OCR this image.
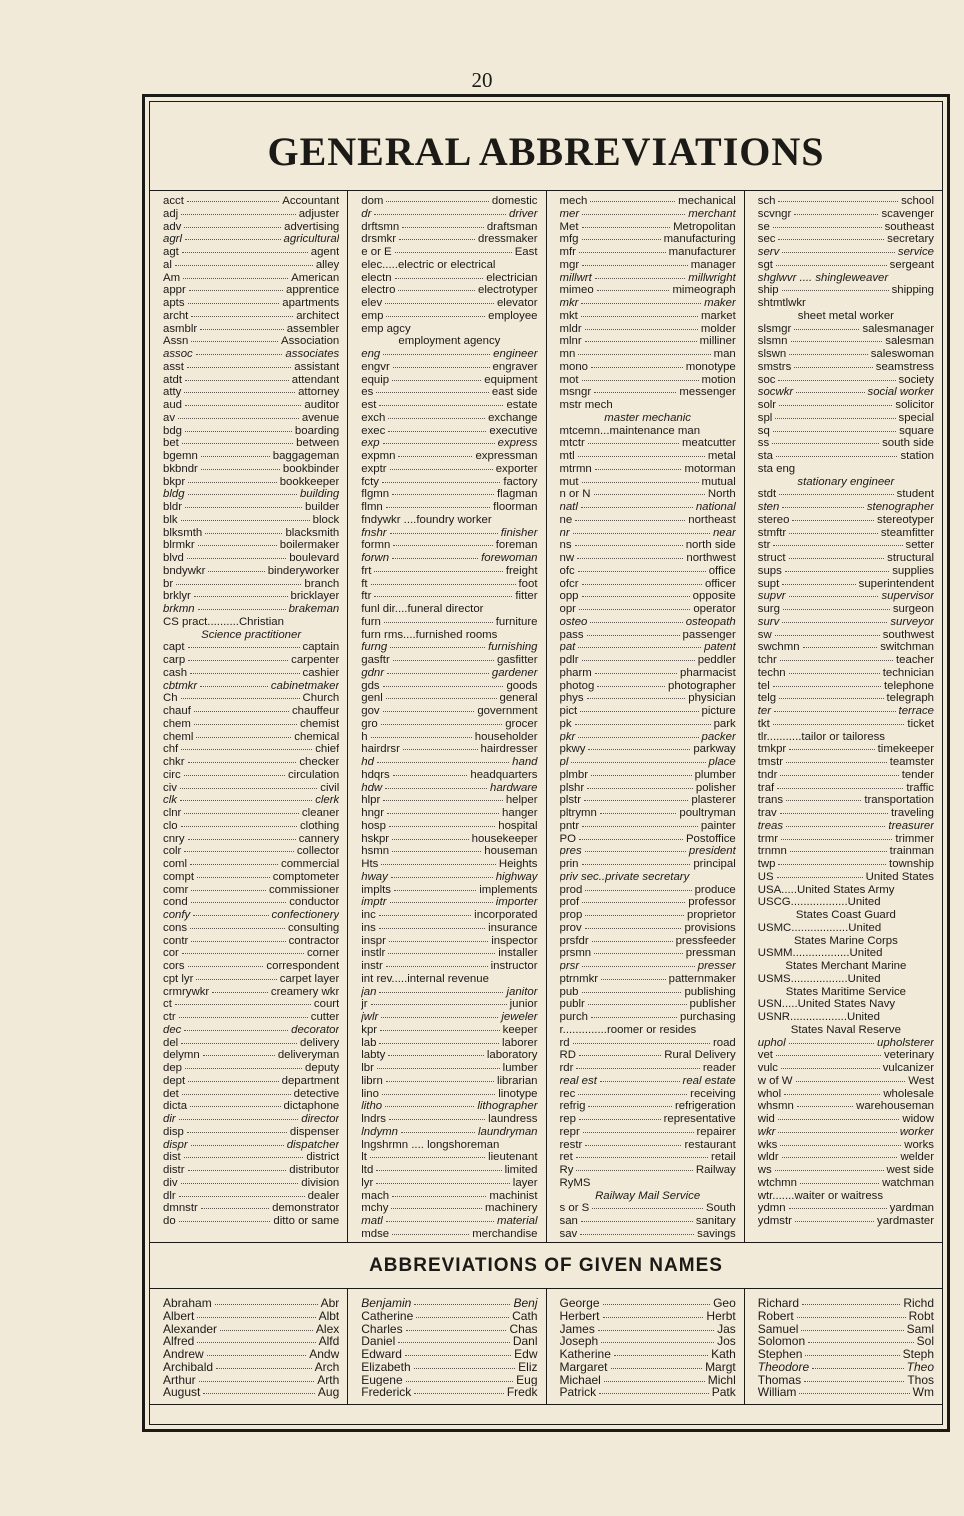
20
GENERAL ABBREVIATIONS
acct	Accountant
adj	adjuster
adv	advertising
agrl	agricultural
agt	agent
al	alley
Am	American
appr	apprentice
apts	apartments
archt	architect
asmblr	assembler
Assn	Association
assoc	associates
asst	assistant
atdt	attendant
atty	attorney
aud	auditor
av	avenue
bdg	boarding
bet	between
bgemn	baggageman
bkbndr	bookbinder
bkpr	bookkeeper
bldg	building
bldr	builder
blk	block
blksmth	blacksmith
blrmkr	boilermaker
blvd	boulevard
bndywkr	binderyworker
br	branch
brklyr	bricklayer
brkmn	brakeman
CS pract..........Christian
Science practitioner
capt	captain
carp	carpenter
cash	cashier
cbtmkr	cabinetmaker
Ch	Church
chauf	chauffeur
chem	chemist
cheml	chemical
chf	chief
chkr	checker
circ	circulation
civ	civil
clk	clerk
clnr	cleaner
clo	clothing
cnry	cannery
colr	collector
coml	commercial
compt	comptometer
comr	commissioner
cond	conductor
confy	confectionery
cons	consulting
contr	contractor
cor	corner
cors	correspondent
cpt lyr	carpet layer
crmrywkr	creamery wkr
ct	court
ctr	cutter
dec	decorator
del	delivery
delymn	deliveryman
dep	deputy
dept	department
det	detective
dicta	dictaphone
dir	director
disp	dispenser
dispr	dispatcher
dist	district
distr	distributor
div	division
dlr	dealer
dmnstr	demonstrator
do	ditto or same
dom	domestic
dr	driver
drftsmn	draftsman
drsmkr	dressmaker
e or E	East
elec.....electric or electrical
electn	electrician
electro	electrotyper
elev	elevator
emp	employee
emp agcy
employment agency
eng	engineer
engvr	engraver
equip	equipment
es	east side
est	estate
exch	exchange
exec	executive
exp	express
expmn	expressman
exptr	exporter
fcty	factory
flgmn	flagman
flmn	floorman
fndywkr ....foundry worker
fnshr	finisher
formn	foreman
forwn	forewoman
frt	freight
ft	foot
ftr	fitter
funl dir....funeral director
furn	furniture
furn rms....furnished rooms
furng	furnishing
gasftr	gasfitter
gdnr	gardener
gds	goods
genl	general
gov	government
gro	grocer
h	householder
hairdrsr	hairdresser
hd	hand
hdqrs	headquarters
hdw	hardware
hlpr	helper
hngr	hanger
hosp	hospital
hskpr	housekeeper
hsmn	houseman
Hts	Heights
hway	highway
implts	implements
imptr	importer
inc	incorporated
ins	insurance
inspr	inspector
instlr	installer
instr	instructor
int rev.....internal revenue
jan	janitor
jr	junior
jwlr	jeweler
kpr	keeper
lab	laborer
labty	laboratory
lbr	lumber
librn	librarian
lino	linotype
litho	lithographer
lndrs	laundress
lndymn	laundryman
lngshrmn .... longshoreman
lt	lieutenant
ltd	limited
lyr	layer
mach	machinist
mchy	machinery
matl	material
mdse	merchandise
mech	mechanical
mer	merchant
Met	Metropolitan
mfg	manufacturing
mfr	manufacturer
mgr	manager
millwrt	millwright
mimeo	mimeograph
mkr	maker
mkt	market
mldr	molder
mlnr	milliner
mn	man
mono	monotype
mot	motion
msngr	messenger
mstr mech
master mechanic
mtcemn...maintenance man
mtctr	meatcutter
mtl	metal
mtrmn	motorman
mut	mutual
n or N	North
natl	national
ne	northeast
nr	near
ns	north side
nw	northwest
ofc	office
ofcr	officer
opp	opposite
opr	operator
osteo	osteopath
pass	passenger
pat	patent
pdlr	peddler
pharm	pharmacist
photog	photographer
phys	physician
pict	picture
pk	park
pkr	packer
pkwy	parkway
pl	place
plmbr	plumber
plshr	polisher
plstr	plasterer
pltrymn	poultryman
pntr	painter
PO	Postoffice
pres	president
prin	principal
priv sec..private secretary
prod	produce
prof	professor
prop	proprietor
prov	provisions
prsfdr	pressfeeder
prsmn	pressman
prsr	presser
ptrnmkr	patternmaker
pub	publishing
publr	publisher
purch	purchasing
r..............roomer or resides
rd	road
RD	Rural Delivery
rdr	reader
real est	real estate
rec	receiving
refrig	refrigeration
rep	representative
repr	repairer
restr	restaurant
ret	retail
Ry	Railway
RyMS
Railway Mail Service
s or S	South
san	sanitary
sav	savings
sch	school
scvngr	scavenger
se	southeast
sec	secretary
serv	service
sgt	sergeant
shglwvr .... shingleweaver
ship	shipping
shtmtlwkr
sheet metal worker
slsmgr	salesmanager
slsmn	salesman
slswn	saleswoman
smstrs	seamstress
soc	society
socwkr	social worker
solr	solicitor
spl	special
sq	square
ss	south side
sta	station
sta eng
stationary engineer
stdt	student
sten	stenographer
stereo	stereotyper
stmftr	steamfitter
str	setter
struct	structural
sups	supplies
supt	superintendent
supvr	supervisor
surg	surgeon
surv	surveyor
sw	southwest
swchmn	switchman
tchr	teacher
techn	technician
tel	telephone
telg	telegraph
ter	terrace
tkt	ticket
tlr...........tailor or tailoress
tmkpr	timekeeper
tmstr	teamster
tndr	tender
traf	traffic
trans	transportation
trav	traveling
treas	treasurer
trmr	trimmer
trnmn	trainman
twp	township
US	United States
USA.....United States Army
USCG..................United
States Coast Guard
USMC..................United
States Marine Corps
USMM..................United
States Merchant Marine
USMS..................United
States Maritime Service
USN.....United States Navy
USNR..................United
States Naval Reserve
uphol	upholsterer
vet	veterinary
vulc	vulcanizer
w of W	West
whol	wholesale
whsmn	warehouseman
wid	widow
wkr	worker
wks	works
wldr	welder
ws	west side
wtchmn	watchman
wtr.......waiter or waitress
ydmn	yardman
ydmstr	yardmaster
ABBREVIATIONS OF GIVEN NAMES
Abraham	Abr
Albert	Albt
Alexander	Alex
Alfred	Alfd
Andrew	Andw
Archibald	Arch
Arthur	Arth
August	Aug
Benjamin	Benj
Catherine	Cath
Charles	Chas
Daniel	Danl
Edward	Edw
Elizabeth	Eliz
Eugene	Eug
Frederick	Fredk
George	Geo
Herbert	Herbt
James	Jas
Joseph	Jos
Katherine	Kath
Margaret	Margt
Michael	Michl
Patrick	Patk
Richard	Richd
Robert	Robt
Samuel	Saml
Solomon	Sol
Stephen	Steph
Theodore	Theo
Thomas	Thos
William	Wm
